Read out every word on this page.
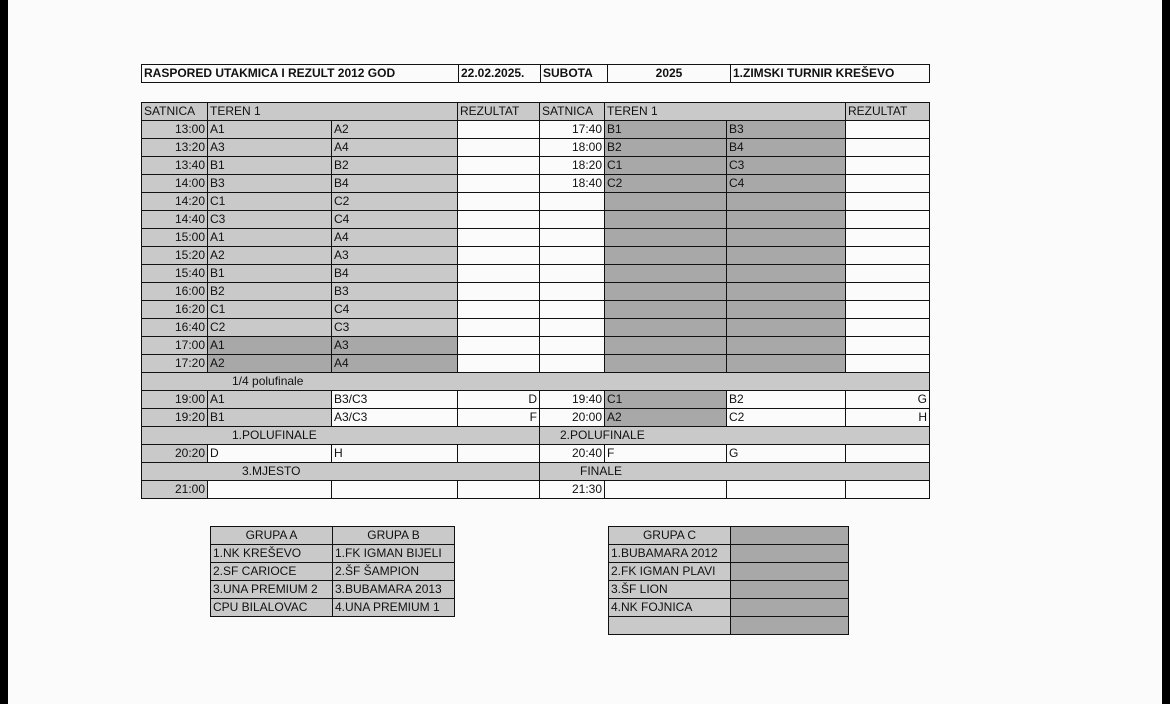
RASPORED UTAKMICA I REZULT 2012 GOD	22.02.2025.	SUBOTA	2025	1.ZIMSKI TURNIR KREŠEVO
SATNICA	TEREN 1		REZULTAT	SATNICA	TEREN 1		REZULTAT
13:00	A1	A2		17:40	B1	B3	
13:20	A3	A4		18:00	B2	B4	
13:40	B1	B2		18:20	C1	C3	
14:00	B3	B4		18:40	C2	C4	
14:20	C1	C2					
14:40	C3	C4					
15:00	A1	A4					
15:20	A2	A3					
15:40	B1	B4					
16:00	B2	B3					
16:20	C1	C4					
16:40	C2	C3					
17:00	A1	A3					
17:20	A2	A4					
1/4 polufinale							
19:00	A1	B3/C3	D	19:40	C1	B2	G
19:20	B1	A3/C3	F	20:00	A2	C2	H
1.POLUFINALE				2.POLUFINALE			
20:20	D	H		20:40	F	G	
3.MJESTO				FINALE			
21:00				21:30			
GRUPA A	GRUPA B
1.NK KREŠEVO	1.FK IGMAN BIJELI
2.SF CARIOCE	2.ŠF ŠAMPION
3.UNA PREMIUM 2	3.BUBAMARA 2013
CPU BILALOVAC	4.UNA PREMIUM 1
GRUPA C	
1.BUBAMARA 2012	
2.FK IGMAN PLAVI	
3.ŠF LION	
4.NK FOJNICA	
